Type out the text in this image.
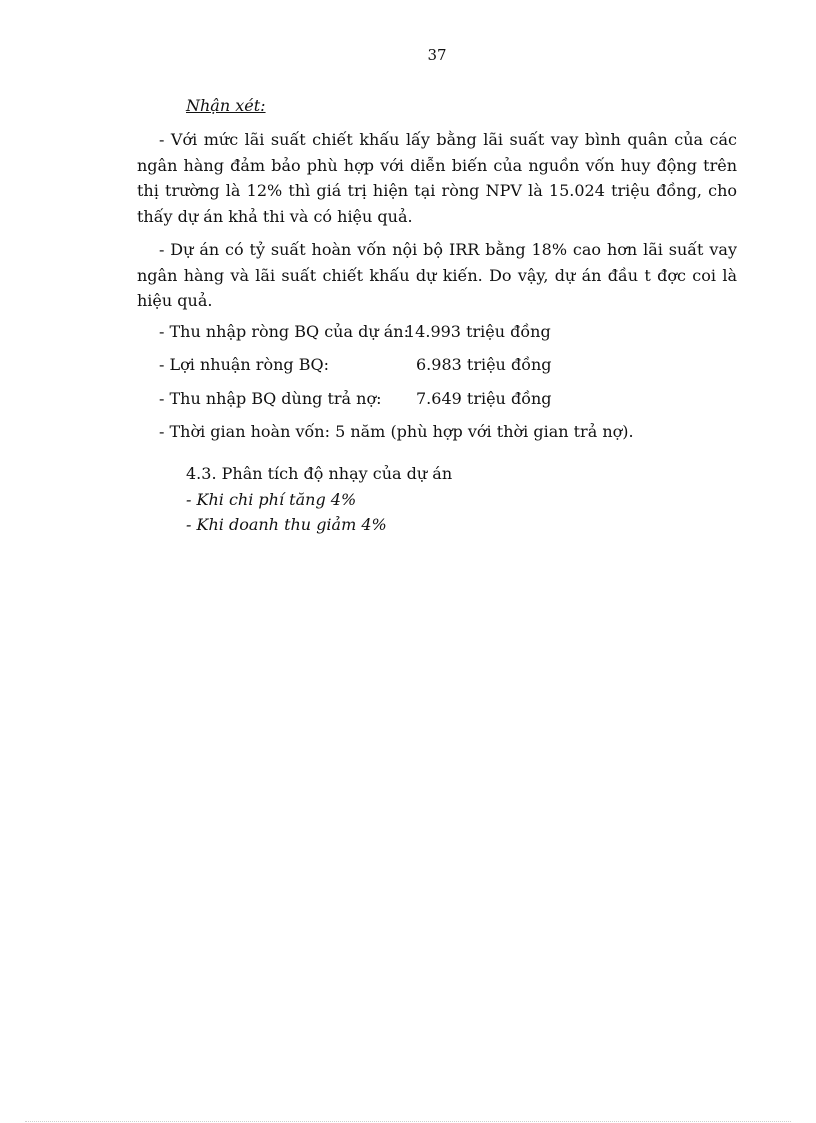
37
Nhận xét:

- Với mức lãi suất chiết khấu lấy bằng lãi suất vay bình quân của các ngân hàng đảm bảo phù hợp với diễn biến của nguồn vốn huy động trên thị trường là 12% thì giá trị hiện tại ròng NPV là 15.024 triệu đồng, cho thấy dự án khả thi và có hiệu quả.

- Dự án có tỷ suất hoàn vốn nội bộ IRR bằng 18% cao hơn lãi suất vay ngân hàng và lãi suất chiết khấu dự kiến. Do vậy, dự án đầu t đợc coi là hiệu quả.

- Thu nhập ròng BQ của dự án:
14.993 triệu đồng
- Lợi nhuận ròng BQ:	6.983 triệu đồng
- Thu nhập BQ dùng trả nợ: 7.649 triệu đồng
- Thời gian hoàn vốn: 5 năm (phù hợp với thời gian trả nợ).
4.3. Phân tích độ nhạy của dự án
- Khi chi phí tăng 4%
- Khi doanh thu giảm 4%
